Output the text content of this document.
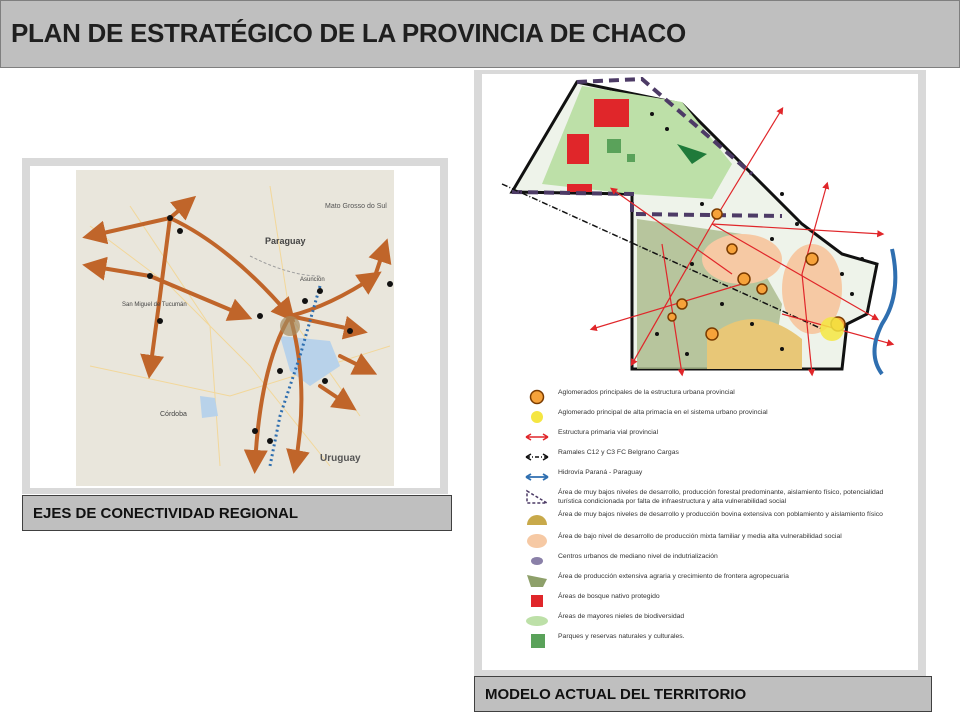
PLAN DE ESTRATÉGICO DE LA PROVINCIA DE CHACO
Mato Grosso do Sul
Paraguay
Asunción
San Miguel de Tucumán
Córdoba
Uruguay
EJES DE CONECTIVIDAD REGIONAL
Aglomerados principales de la estructura urbana provincial
Aglomerado principal de alta primacía en el sistema urbano provincial
Estructura primaria vial provincial
Ramales C12 y C3 FC Belgrano Cargas
Hidrovía Paraná - Paraguay
Área de muy bajos niveles de desarrollo, producción forestal predominante, aislamiento físico, potencialidad turística condicionada por falta de infraestructura y alta vulnerabilidad social
Área de muy bajos niveles de desarrollo y producción bovina extensiva con poblamiento y aislamiento físico
Área de bajo nivel de desarrollo de producción mixta familiar y media alta vulnerabilidad social
Centros urbanos de mediano nivel de indutrialización
Área de producción extensiva agraria y crecimiento de frontera agropecuaria
Áreas de bosque nativo protegido
Áreas de mayores nieles de biodiversidad
Parques y reservas naturales y culturales.
MODELO ACTUAL DEL TERRITORIO
